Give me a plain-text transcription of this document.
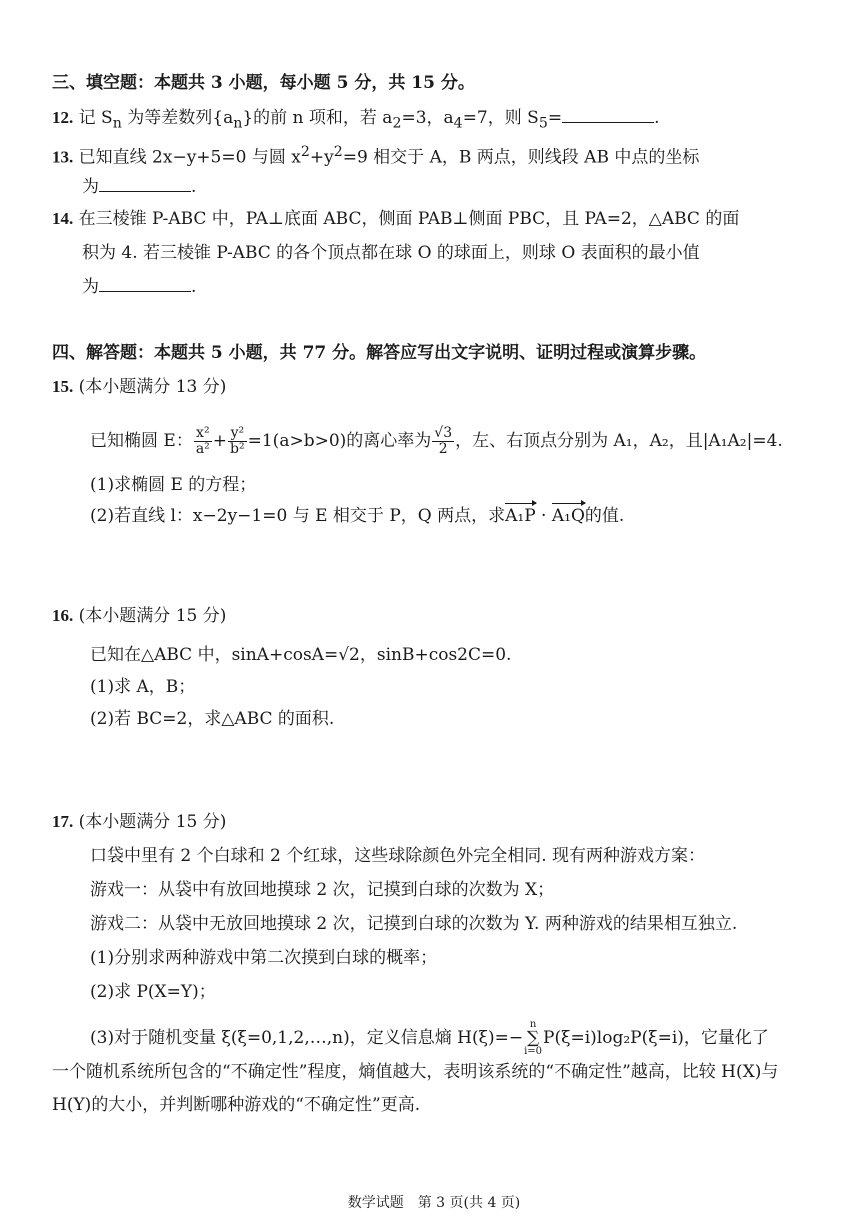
三、填空题：本题共 3 小题，每小题 5 分，共 15 分。
12. 记 $S_n$ 为等差数列$\{a_n\}$的前 n 项和，若 $a_2=3$，$a_4=7$，则 $S_5=$	.
13. 已知直线 2x−y+5=0 与圆 $x^2+y^2=9$ 相交于 A，B 两点，则线段 AB 中点的坐标
为	.
14. 在三棱锥 P-ABC 中，PA⊥底面 ABC，侧面 PAB⊥侧面 PBC，且 PA=2，△ABC 的面
积为 4. 若三棱锥 P-ABC 的各个顶点都在球 O 的球面上，则球 O 表面积的最小值
为	.
四、解答题：本题共 5 小题，共 77 分。解答应写出文字说明、证明过程或演算步骤。
15. (本小题满分 13 分)
已知椭圆 E： $\frac{\text{x²}}{\text{a²}} + \frac{\text{y²}}{\text{b²}} =1(a>b>0)$的离心率为 $\frac{√3}{2}$ ，左、右顶点分别为 A₁，A₂，且|A₁A₂|=4.
(1)求椭圆 E 的方程；
(2)若直线 l：x−2y−1=0 与 E 相交于 P，Q 两点，求A₁P · A₁Q的值.
16. (本小题满分 15 分)
已知在△ABC 中，sinA+cosA=√2，sinB+cos2C=0.
(1)求 A，B；
(2)若 BC=2，求△ABC 的面积.
17. (本小题满分 15 分)
口袋中里有 2 个白球和 2 个红球，这些球除颜色外完全相同. 现有两种游戏方案：
游戏一：从袋中有放回地摸球 2 次，记摸到白球的次数为 X；
游戏二：从袋中无放回地摸球 2 次，记摸到白球的次数为 Y. 两种游戏的结果相互独立.
(1)分别求两种游戏中第二次摸到白球的概率；
(2)求 P(X=Y)；
(3)对于随机变量 ξ(ξ=0,1,2,…,n)，定义信息熵 H(ξ)=−n
∑
i=0P(ξ=i)log₂P(ξ=i)，它量化了
一个随机系统所包含的“不确定性”程度，熵值越大，表明该系统的“不确定性”越高，比较 H(X)与
H(Y)的大小，并判断哪种游戏的“不确定性”更高.
数学试题　第 3 页(共 4 页)
